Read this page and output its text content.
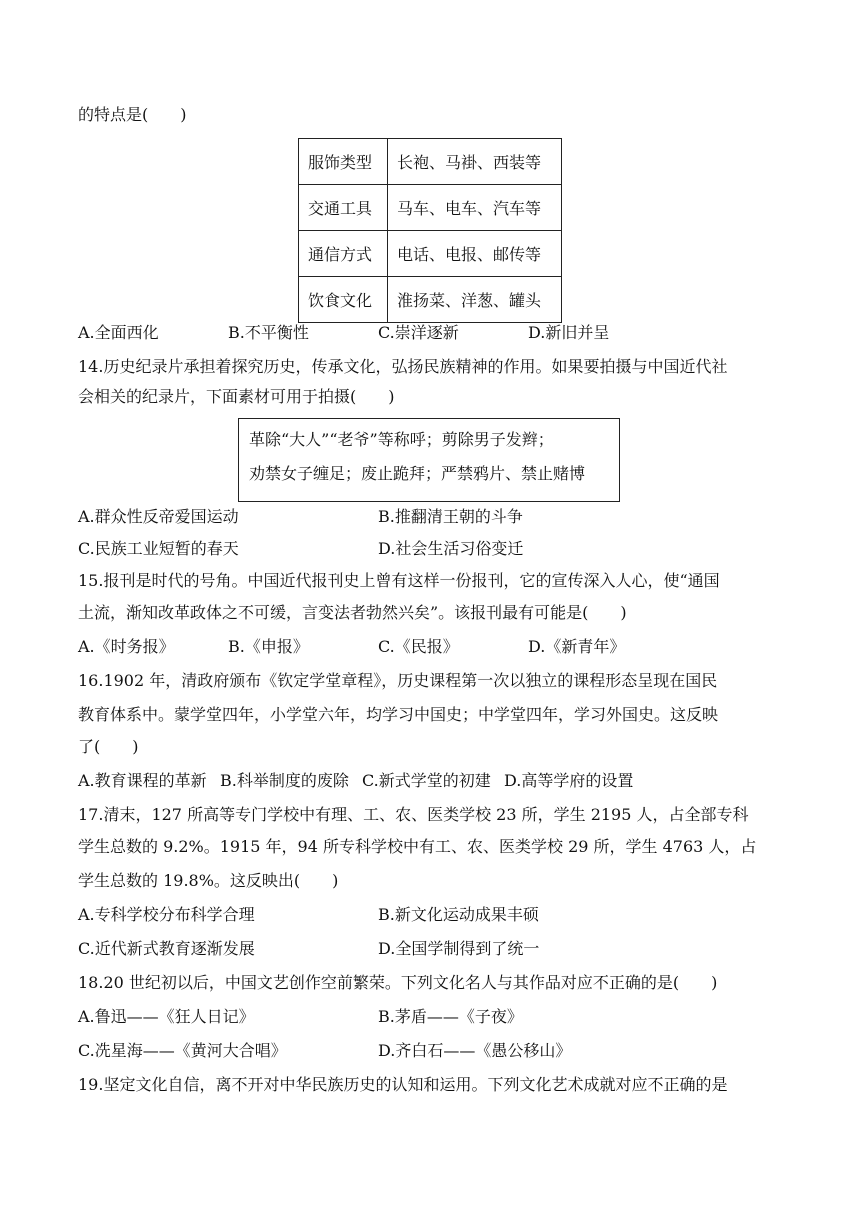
的特点是(　　)
服饰类型	长袍、马褂、西装等
交通工具	马车、电车、汽车等
通信方式	电话、电报、邮传等
饮食文化	淮扬菜、洋葱、罐头
A.全面西化	B.不平衡性	C.崇洋逐新	D.新旧并呈
14.历史纪录片承担着探究历史，传承文化，弘扬民族精神的作用。如果要拍摄与中国近代社
会相关的纪录片，下面素材可用于拍摄(　　)
革除“大人”“老爷”等称呼；剪除男子发辫；
劝禁女子缠足；废止跪拜；严禁鸦片、禁止赌博
A.群众性反帝爱国运动	B.推翻清王朝的斗争
C.民族工业短暂的春天	D.社会生活习俗变迁
15.报刊是时代的号角。中国近代报刊史上曾有这样一份报刊，它的宣传深入人心，使“通国
土流，渐知改革政体之不可缓，言变法者勃然兴矣”。该报刊最有可能是(　　)
A.《时务报》	B.《申报》	C.《民报》	D.《新青年》
16.1902 年，清政府颁布《钦定学堂章程》，历史课程第一次以独立的课程形态呈现在国民
教育体系中。蒙学堂四年，小学堂六年，均学习中国史；中学堂四年，学习外国史。这反映
了(　　)
A.教育课程的革新 B.科举制度的废除 C.新式学堂的初建 D.高等学府的设置
17.清末，127 所高等专门学校中有理、工、农、医类学校 23 所，学生 2195 人，占全部专科
学生总数的 9.2%。1915 年，94 所专科学校中有工、农、医类学校 29 所，学生 4763 人，占
学生总数的 19.8%。这反映出(　　)
A.专科学校分布科学合理	B.新文化运动成果丰硕
C.近代新式教育逐渐发展	D.全国学制得到了统一
18.20 世纪初以后，中国文艺创作空前繁荣。下列文化名人与其作品对应不正确的是(　　)
A.鲁迅——《狂人日记》	B.茅盾——《子夜》
C.冼星海——《黄河大合唱》	D.齐白石——《愚公移山》
19.坚定文化自信，离不开对中华民族历史的认知和运用。下列文化艺术成就对应不正确的是
